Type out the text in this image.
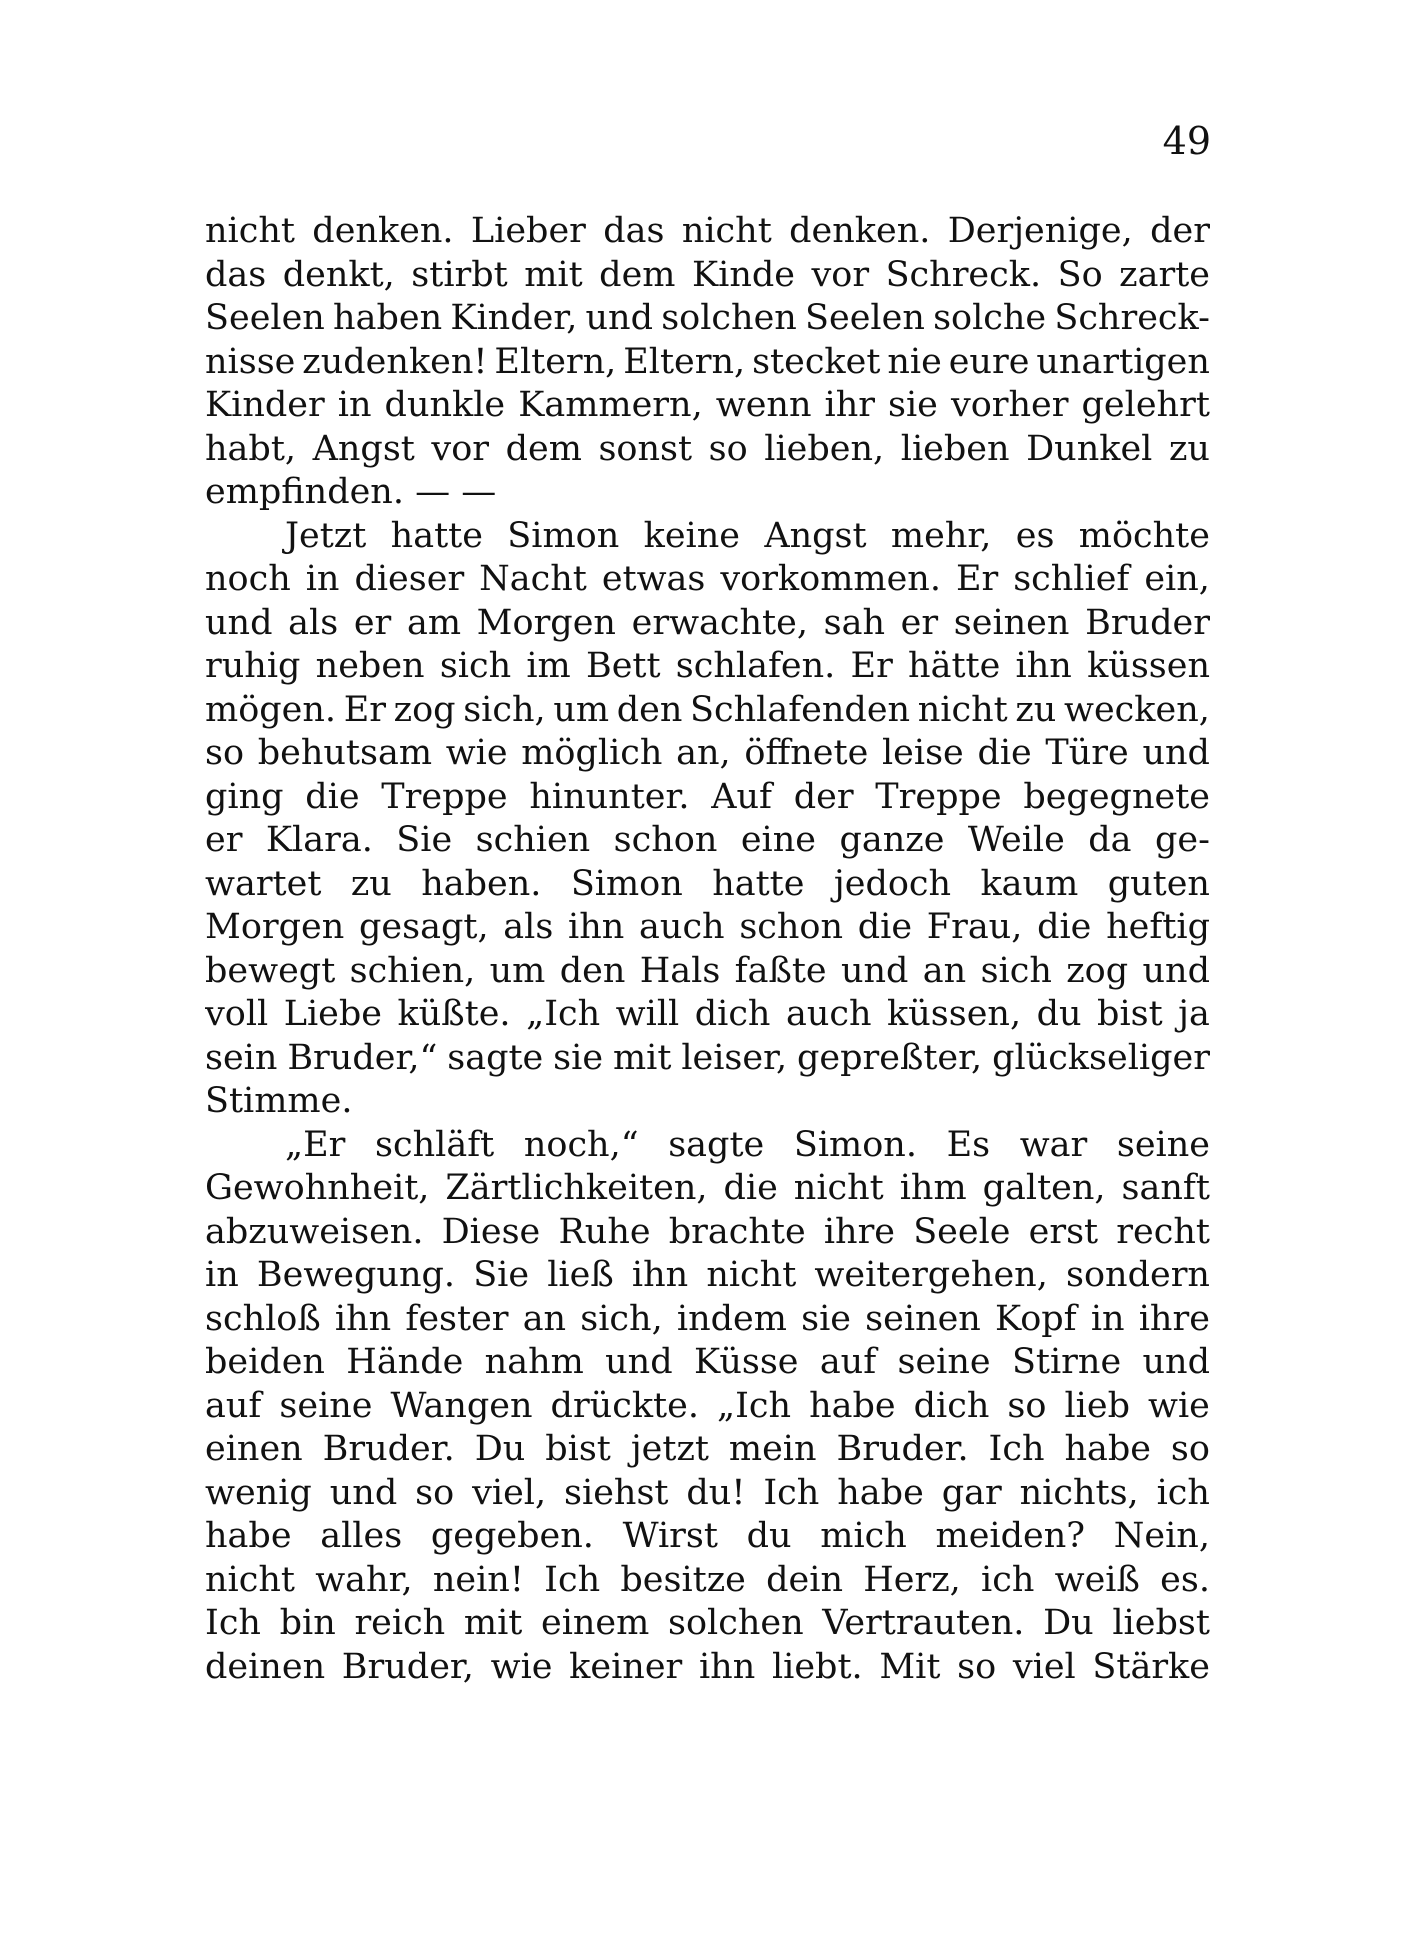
49
nicht denken. Lieber das nicht denken. Derjenige, der
das denkt, stirbt mit dem Kinde vor Schreck. So zarte
Seelen haben Kinder, und solchen Seelen solche Schreck-
nisse zudenken! Eltern, Eltern, stecket nie eure unartigen
Kinder in dunkle Kammern, wenn ihr sie vorher gelehrt
habt, Angst vor dem sonst so lieben, lieben Dunkel zu
empfinden. — —
Jetzt hatte Simon keine Angst mehr, es möchte
noch in dieser Nacht etwas vorkommen. Er schlief ein,
und als er am Morgen erwachte, sah er seinen Bruder
ruhig neben sich im Bett schlafen. Er hätte ihn küssen
mögen. Er zog sich, um den Schlafenden nicht zu wecken,
so behutsam wie möglich an, öffnete leise die Türe und
ging die Treppe hinunter. Auf der Treppe begegnete
er Klara. Sie schien schon eine ganze Weile da ge-
wartet zu haben. Simon hatte jedoch kaum guten
Morgen gesagt, als ihn auch schon die Frau, die heftig
bewegt schien, um den Hals faßte und an sich zog und
voll Liebe küßte. „Ich will dich auch küssen, du bist ja
sein Bruder,“ sagte sie mit leiser, gepreßter, glückseliger
Stimme.
„Er schläft noch,“ sagte Simon. Es war seine
Gewohnheit, Zärtlichkeiten, die nicht ihm galten, sanft
abzuweisen. Diese Ruhe brachte ihre Seele erst recht
in Bewegung. Sie ließ ihn nicht weitergehen, sondern
schloß ihn fester an sich, indem sie seinen Kopf in ihre
beiden Hände nahm und Küsse auf seine Stirne und
auf seine Wangen drückte. „Ich habe dich so lieb wie
einen Bruder. Du bist jetzt mein Bruder. Ich habe so
wenig und so viel, siehst du! Ich habe gar nichts, ich
habe alles gegeben. Wirst du mich meiden? Nein,
nicht wahr, nein! Ich besitze dein Herz, ich weiß es.
Ich bin reich mit einem solchen Vertrauten. Du liebst
deinen Bruder, wie keiner ihn liebt. Mit so viel Stärke
